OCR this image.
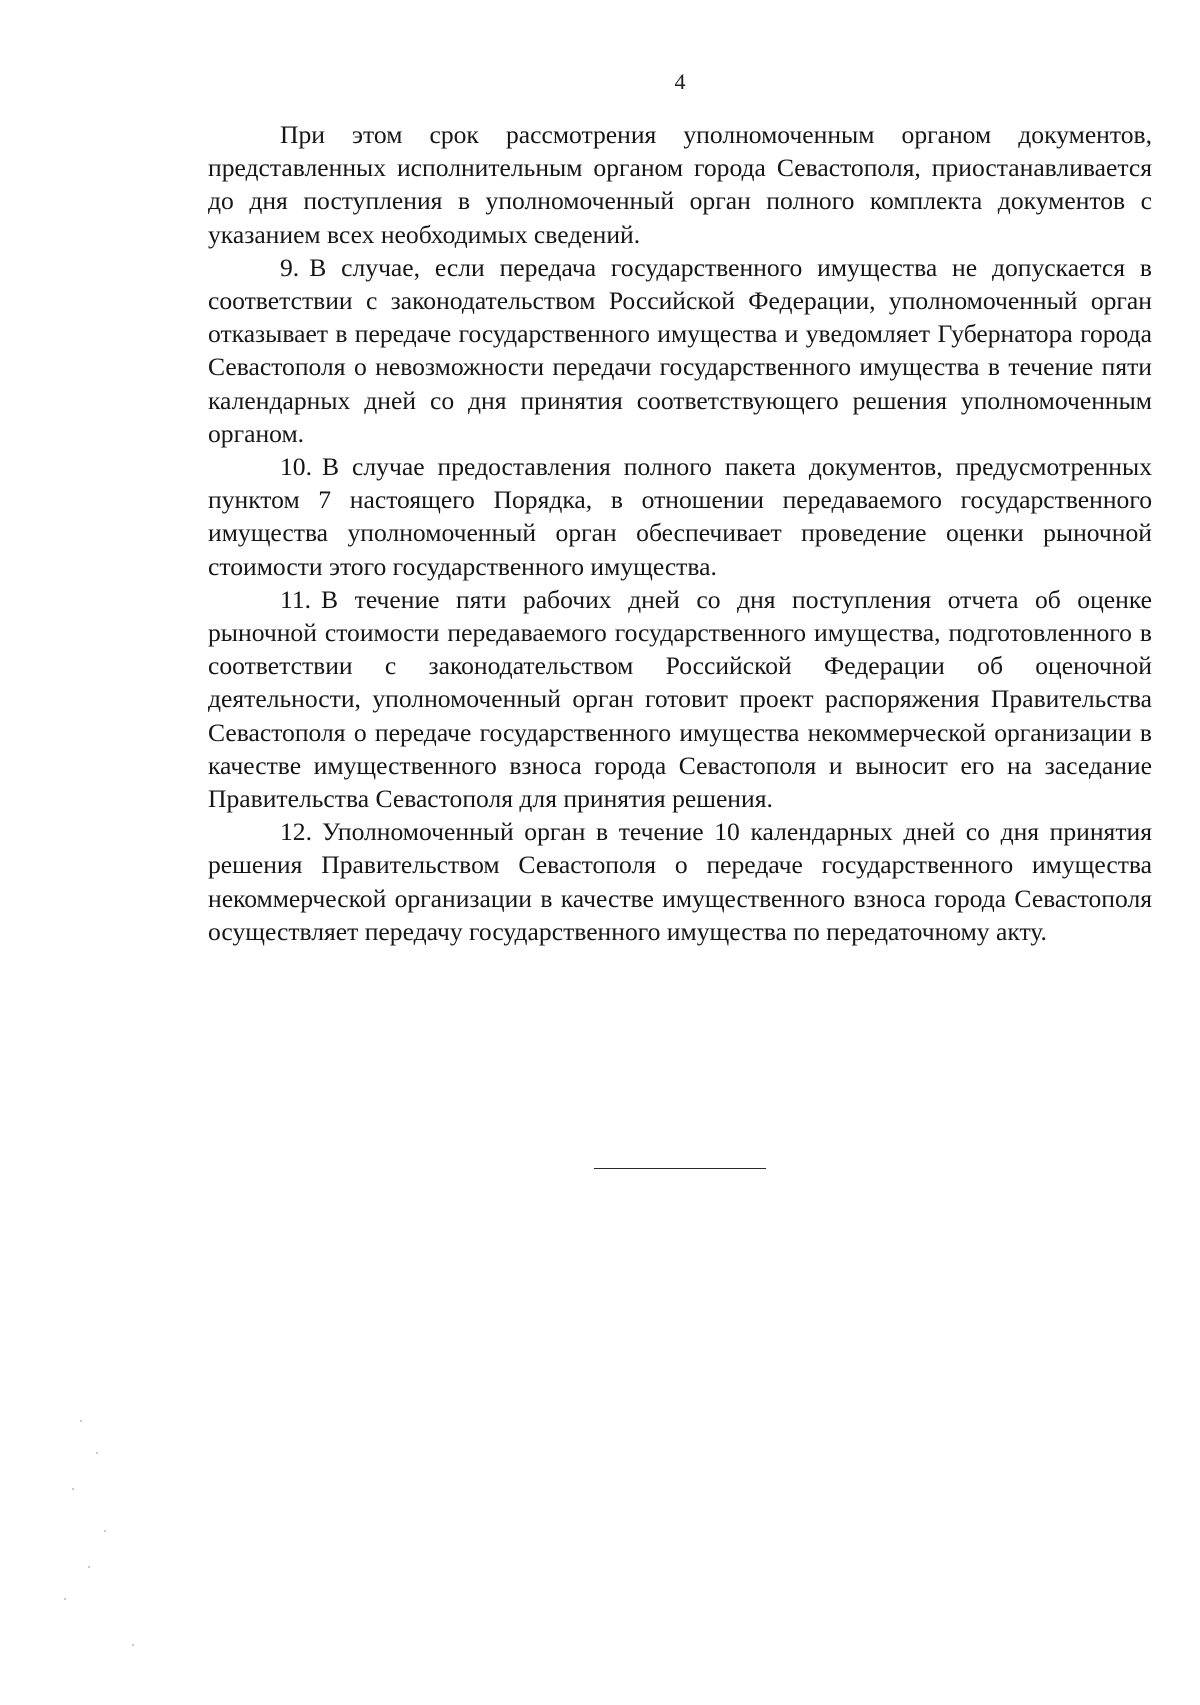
4

При этом срок рассмотрения уполномоченным органом документов, представленных исполнительным органом города Севастополя, приостанавливается до дня поступления в уполномоченный орган полного комплекта документов с указанием всех необходимых сведений.

9. В случае, если передача государственного имущества не допускается в соответствии с законодательством Российской Федерации, уполномоченный орган отказывает в передаче государственного имущества и уведомляет Губернатора города Севастополя о невозможности передачи государственного имущества в течение пяти календарных дней со дня принятия соответствующего решения уполномоченным органом.

10. В случае предоставления полного пакета документов, предусмотренных пунктом 7 настоящего Порядка, в отношении передаваемого государственного имущества уполномоченный орган обеспечивает проведение оценки рыночной стоимости этого государственного имущества.

11. В течение пяти рабочих дней со дня поступления отчета об оценке рыночной стоимости передаваемого государственного имущества, подготовленного в соответствии с законодательством Российской Федерации об оценочной деятельности, уполномоченный орган готовит проект распоряжения Правительства Севастополя о передаче государственного имущества некоммерческой организации в качестве имущественного взноса города Севастополя и выносит его на заседание Правительства Севастополя для принятия решения.

12. Уполномоченный орган в течение 10 календарных дней со дня принятия решения Правительством Севастополя о передаче государственного имущества некоммерческой организации в качестве имущественного взноса города Севастополя осуществляет передачу государственного имущества по передаточному акту.
